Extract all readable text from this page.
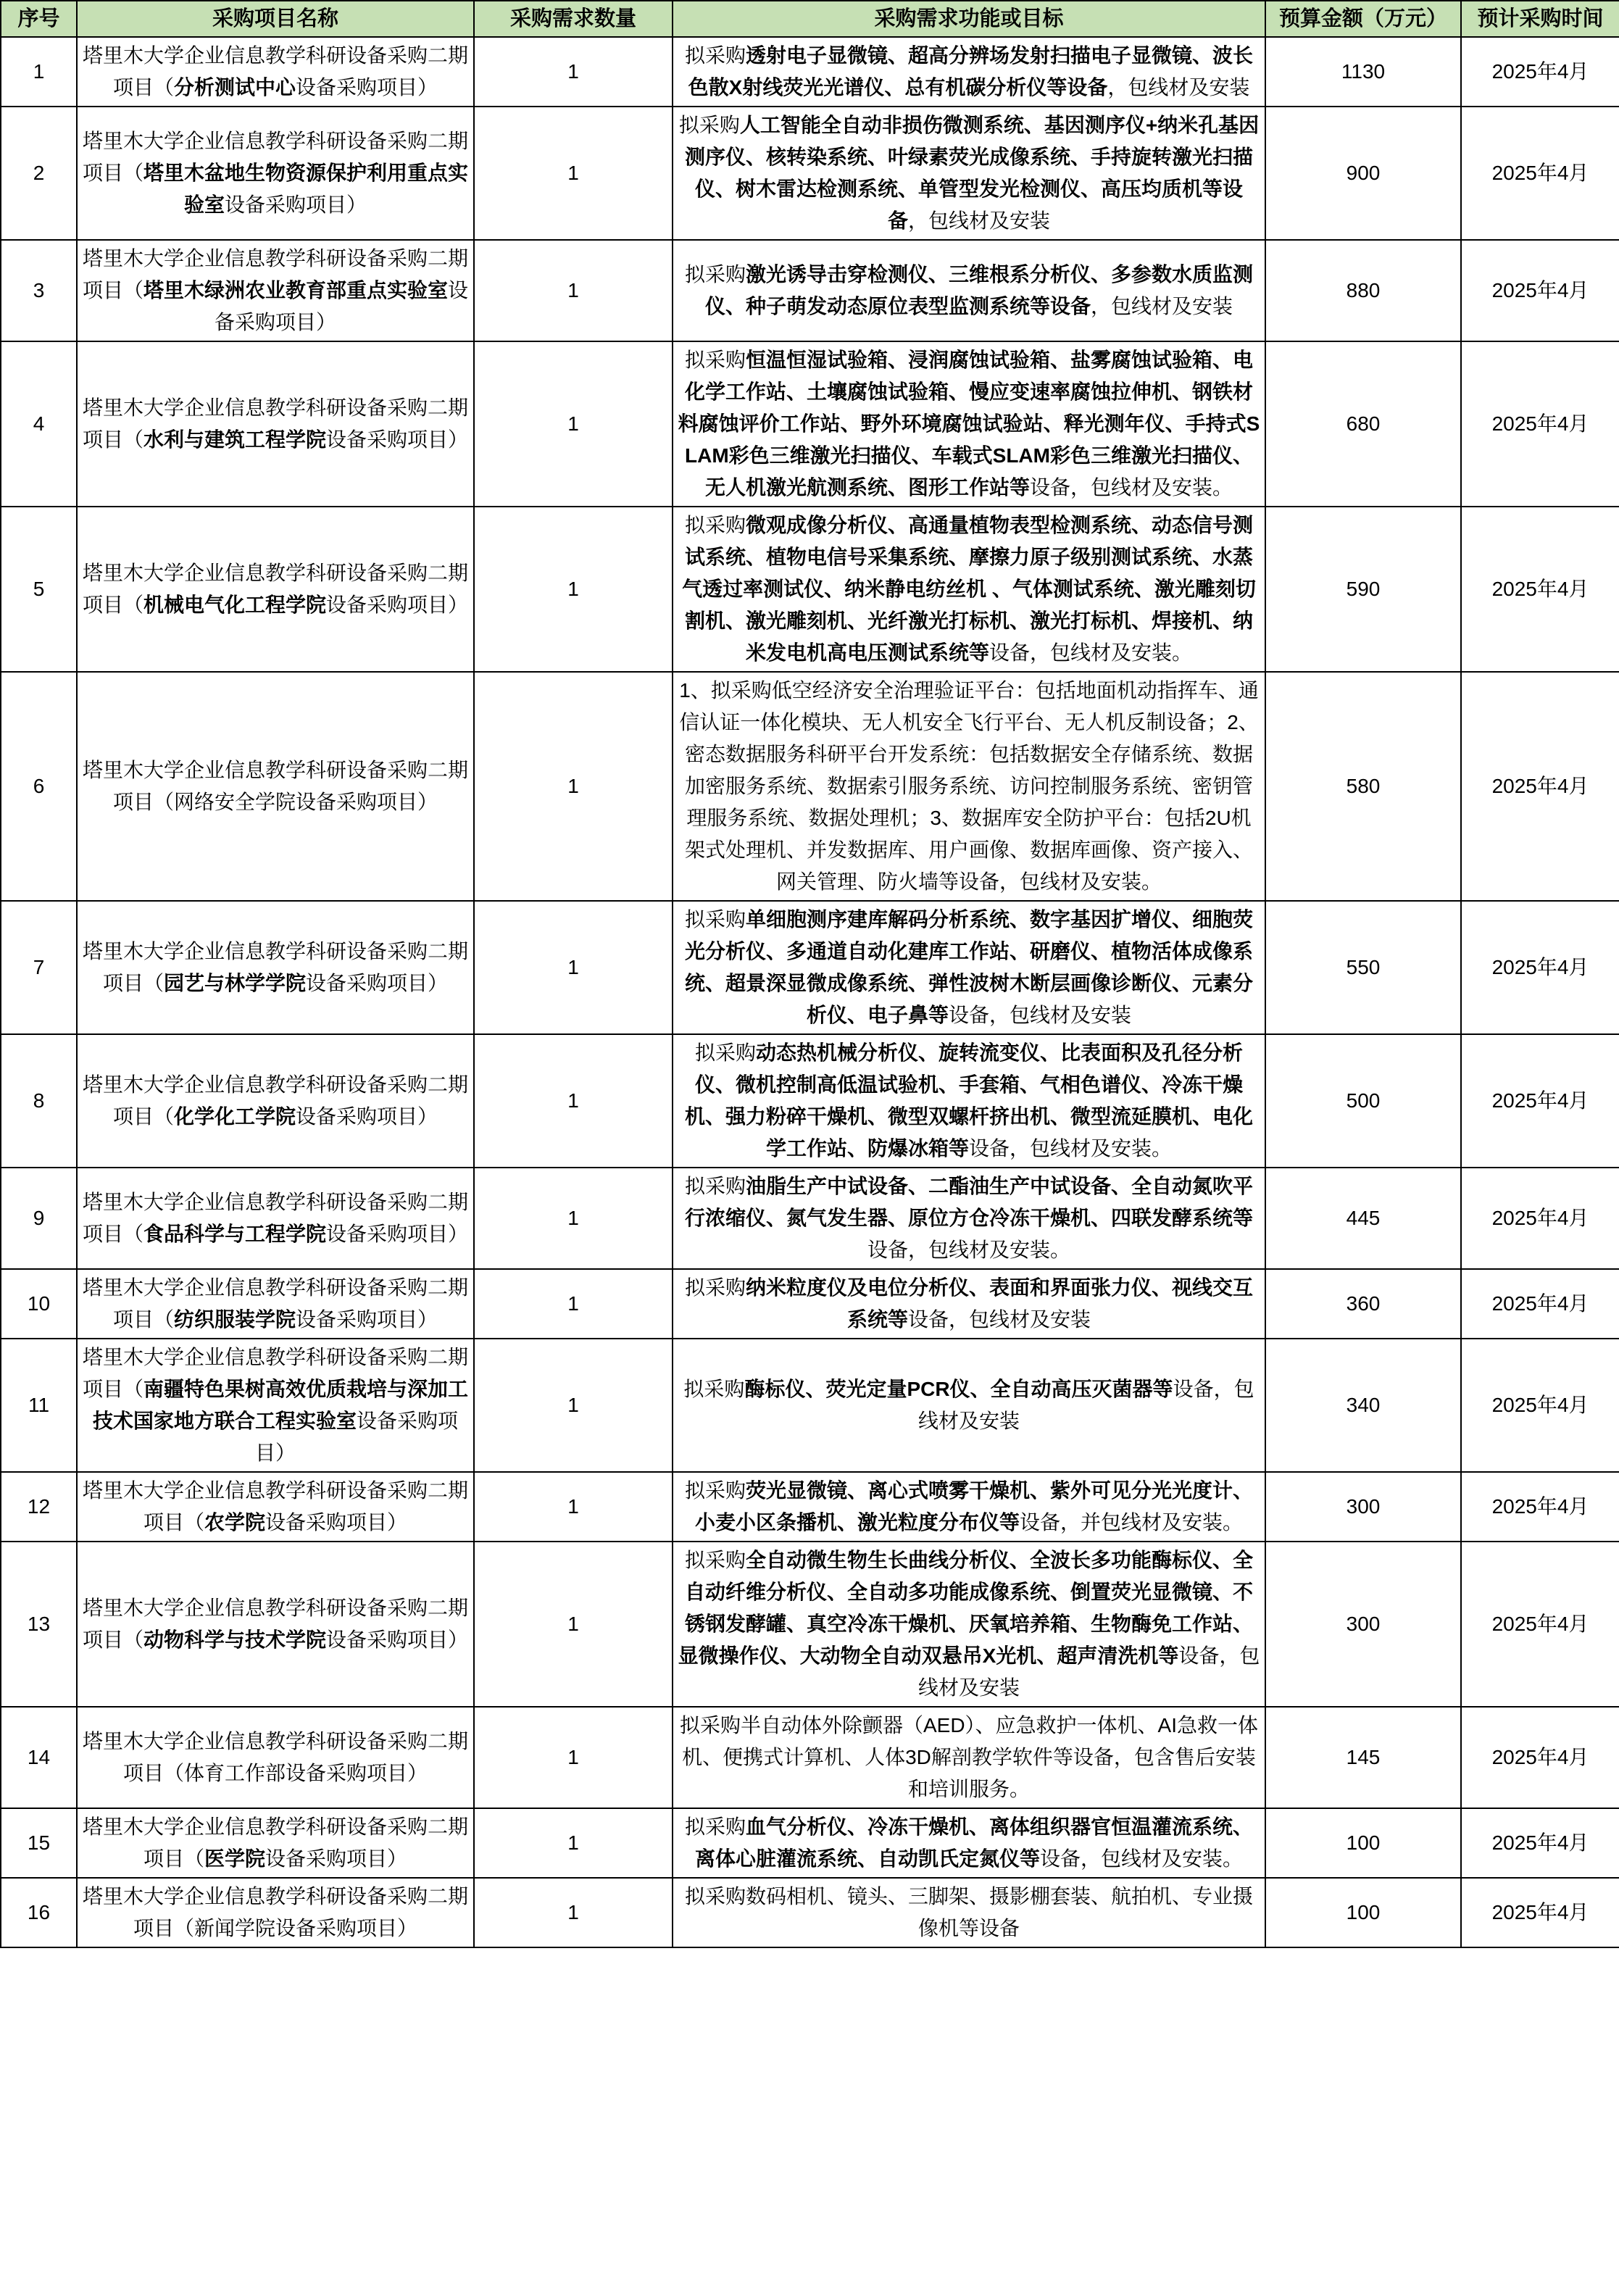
序号	采购项目名称	采购需求数量	采购需求功能或目标	预算金额（万元）	预计采购时间
1	塔里木大学企业信息教学科研设备采购二期项目（分析测试中心设备采购项目）	1	拟采购透射电子显微镜、超高分辨场发射扫描电子显微镜、波长色散X射线荧光光谱仪、总有机碳分析仪等设备，包线材及安装	1130	2025年4月
2	塔里木大学企业信息教学科研设备采购二期项目（塔里木盆地生物资源保护利用重点实验室设备采购项目）	1	拟采购人工智能全自动非损伤微测系统、基因测序仪+纳米孔基因测序仪、核转染系统、叶绿素荧光成像系统、手持旋转激光扫描仪、树木雷达检测系统、单管型发光检测仪、高压均质机等设备，包线材及安装	900	2025年4月
3	塔里木大学企业信息教学科研设备采购二期项目（塔里木绿洲农业教育部重点实验室设备采购项目）	1	拟采购激光诱导击穿检测仪、三维根系分析仪、多参数水质监测仪、种子萌发动态原位表型监测系统等设备，包线材及安装	880	2025年4月
4	塔里木大学企业信息教学科研设备采购二期项目（水利与建筑工程学院设备采购项目）	1	拟采购恒温恒湿试验箱、浸润腐蚀试验箱、盐雾腐蚀试验箱、电化学工作站、土壤腐蚀试验箱、慢应变速率腐蚀拉伸机、钢铁材料腐蚀评价工作站、野外环境腐蚀试验站、释光测年仪、手持式SLAM彩色三维激光扫描仪、车载式SLAM彩色三维激光扫描仪、无人机激光航测系统、图形工作站等设备，包线材及安装。	680	2025年4月
5	塔里木大学企业信息教学科研设备采购二期项目（机械电气化工程学院设备采购项目）	1	拟采购微观成像分析仪、高通量植物表型检测系统、动态信号测试系统、植物电信号采集系统、摩擦力原子级别测试系统、水蒸气透过率测试仪、纳米静电纺丝机 、气体测试系统、激光雕刻切割机、激光雕刻机、光纤激光打标机、激光打标机、焊接机、纳米发电机高电压测试系统等设备，包线材及安装。	590	2025年4月
6	塔里木大学企业信息教学科研设备采购二期项目（网络安全学院设备采购项目）	1	1、拟采购低空经济安全治理验证平台：包括地面机动指挥车、通信认证一体化模块、无人机安全飞行平台、无人机反制设备；2、密态数据服务科研平台开发系统：包括数据安全存储系统、数据加密服务系统、数据索引服务系统、访问控制服务系统、密钥管理服务系统、数据处理机；3、数据库安全防护平台：包括2U机架式处理机、并发数据库、用户画像、数据库画像、资产接入、网关管理、防火墙等设备，包线材及安装。	580	2025年4月
7	塔里木大学企业信息教学科研设备采购二期项目（园艺与林学学院设备采购项目）	1	拟采购单细胞测序建库解码分析系统、数字基因扩增仪、细胞荧光分析仪、多通道自动化建库工作站、研磨仪、植物活体成像系统、超景深显微成像系统、弹性波树木断层画像诊断仪、元素分析仪、电子鼻等设备，包线材及安装	550	2025年4月
8	塔里木大学企业信息教学科研设备采购二期项目（化学化工学院设备采购项目）	1	拟采购动态热机械分析仪、旋转流变仪、比表面积及孔径分析仪、微机控制高低温试验机、手套箱、气相色谱仪、冷冻干燥机、强力粉碎干燥机、微型双螺杆挤出机、微型流延膜机、电化学工作站、防爆冰箱等设备，包线材及安装。	500	2025年4月
9	塔里木大学企业信息教学科研设备采购二期项目（食品科学与工程学院设备采购项目）	1	拟采购油脂生产中试设备、二酯油生产中试设备、全自动氮吹平行浓缩仪、氮气发生器、原位方仓冷冻干燥机、四联发酵系统等设备，包线材及安装。	445	2025年4月
10	塔里木大学企业信息教学科研设备采购二期项目（纺织服装学院设备采购项目）	1	拟采购纳米粒度仪及电位分析仪、表面和界面张力仪、视线交互系统等设备，包线材及安装	360	2025年4月
11	塔里木大学企业信息教学科研设备采购二期项目（南疆特色果树高效优质栽培与深加工技术国家地方联合工程实验室设备采购项目）	1	拟采购酶标仪、荧光定量PCR仪、全自动高压灭菌器等设备，包线材及安装	340	2025年4月
12	塔里木大学企业信息教学科研设备采购二期项目（农学院设备采购项目）	1	拟采购荧光显微镜、离心式喷雾干燥机、紫外可见分光光度计、小麦小区条播机、激光粒度分布仪等设备，并包线材及安装。	300	2025年4月
13	塔里木大学企业信息教学科研设备采购二期项目（动物科学与技术学院设备采购项目）	1	拟采购全自动微生物生长曲线分析仪、全波长多功能酶标仪、全自动纤维分析仪、全自动多功能成像系统、倒置荧光显微镜、不锈钢发酵罐、真空冷冻干燥机、厌氧培养箱、生物酶免工作站、显微操作仪、大动物全自动双悬吊X光机、超声清洗机等设备，包线材及安装	300	2025年4月
14	塔里木大学企业信息教学科研设备采购二期项目（体育工作部设备采购项目）	1	拟采购半自动体外除颤器（AED）、应急救护一体机、AI急救一体机、便携式计算机、人体3D解剖教学软件等设备，包含售后安装和培训服务。	145	2025年4月
15	塔里木大学企业信息教学科研设备采购二期项目（医学院设备采购项目）	1	拟采购血气分析仪、冷冻干燥机、离体组织器官恒温灌流系统、离体心脏灌流系统、自动凯氏定氮仪等设备，包线材及安装。	100	2025年4月
16	塔里木大学企业信息教学科研设备采购二期项目（新闻学院设备采购项目）	1	拟采购数码相机、镜头、三脚架、摄影棚套装、航拍机、专业摄像机等设备	100	2025年4月
